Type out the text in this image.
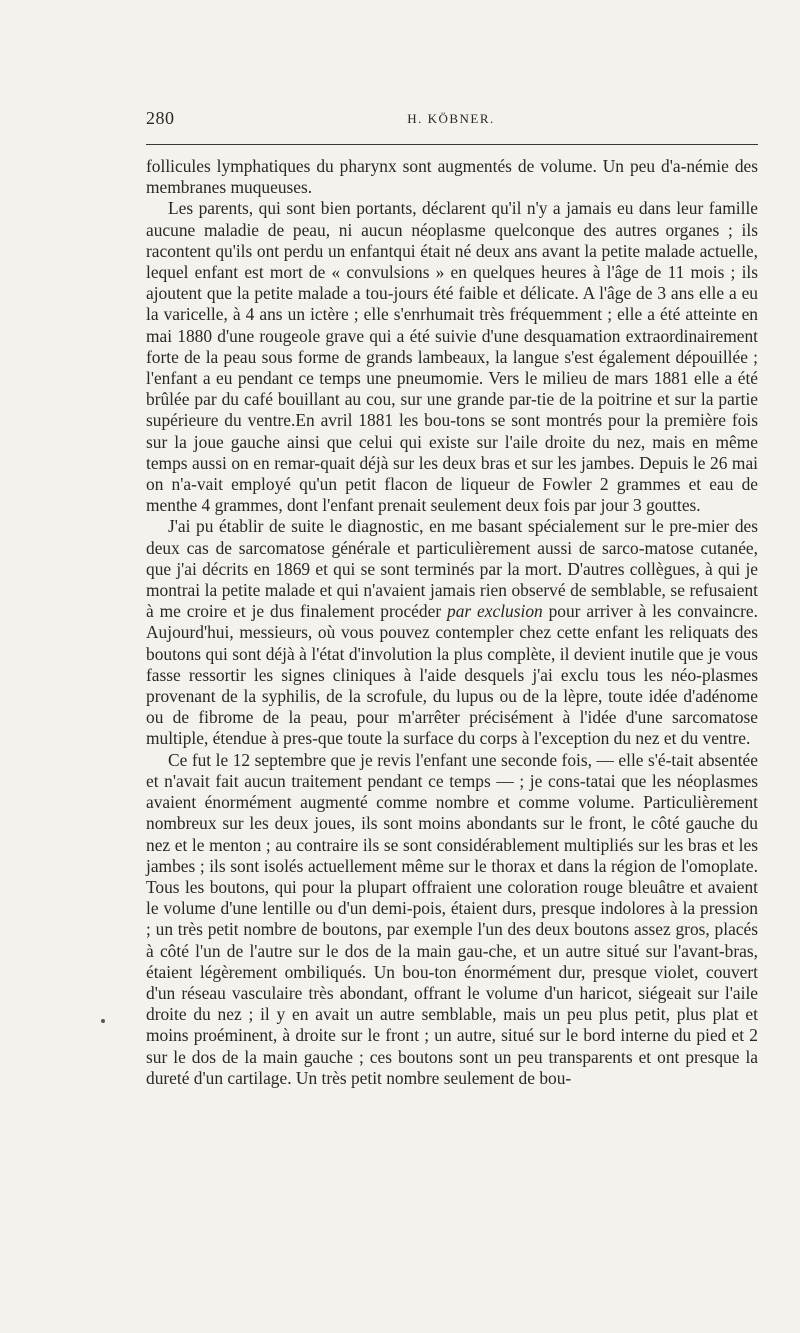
280	H. KÖBNER.

follicules lymphatiques du pharynx sont augmentés de volume. Un peu d'a-némie des membranes muqueuses.

Les parents, qui sont bien portants, déclarent qu'il n'y a jamais eu dans leur famille aucune maladie de peau, ni aucun néoplasme quelconque des autres organes ; ils racontent qu'ils ont perdu un enfantqui était né deux ans avant la petite malade actuelle, lequel enfant est mort de « convulsions » en quelques heures à l'âge de 11 mois ; ils ajoutent que la petite malade a tou-jours été faible et délicate. A l'âge de 3 ans elle a eu la varicelle, à 4 ans un ictère ; elle s'enrhumait très fréquemment ; elle a été atteinte en mai 1880 d'une rougeole grave qui a été suivie d'une desquamation extraordinairement forte de la peau sous forme de grands lambeaux, la langue s'est également dépouillée ; l'enfant a eu pendant ce temps une pneumomie. Vers le milieu de mars 1881 elle a été brûlée par du café bouillant au cou, sur une grande par-tie de la poitrine et sur la partie supérieure du ventre.En avril 1881 les bou-tons se sont montrés pour la première fois sur la joue gauche ainsi que celui qui existe sur l'aile droite du nez, mais en même temps aussi on en remar-quait déjà sur les deux bras et sur les jambes. Depuis le 26 mai on n'a-vait employé qu'un petit flacon de liqueur de Fowler 2 grammes et eau de menthe 4 grammes, dont l'enfant prenait seulement deux fois par jour 3 gouttes.

J'ai pu établir de suite le diagnostic, en me basant spécialement sur le pre-mier des deux cas de sarcomatose générale et particulièrement aussi de sarco-matose cutanée, que j'ai décrits en 1869 et qui se sont terminés par la mort. D'autres collègues, à qui je montrai la petite malade et qui n'avaient jamais rien observé de semblable, se refusaient à me croire et je dus finalement procéder par exclusion pour arriver à les convaincre. Aujourd'hui, messieurs, où vous pouvez contempler chez cette enfant les reliquats des boutons qui sont déjà à l'état d'involution la plus complète, il devient inutile que je vous fasse ressortir les signes cliniques à l'aide desquels j'ai exclu tous les néo-plasmes provenant de la syphilis, de la scrofule, du lupus ou de la lèpre, toute idée d'adénome ou de fibrome de la peau, pour m'arrêter précisément à l'idée d'une sarcomatose multiple, étendue à pres-que toute la surface du corps à l'exception du nez et du ventre.

Ce fut le 12 septembre que je revis l'enfant une seconde fois, — elle s'é-tait absentée et n'avait fait aucun traitement pendant ce temps — ; je cons-tatai que les néoplasmes avaient énormément augmenté comme nombre et comme volume. Particulièrement nombreux sur les deux joues, ils sont moins abondants sur le front, le côté gauche du nez et le menton ; au contraire ils se sont considérablement multipliés sur les bras et les jambes ; ils sont isolés actuellement même sur le thorax et dans la région de l'omoplate. Tous les boutons, qui pour la plupart offraient une coloration rouge bleuâtre et avaient le volume d'une lentille ou d'un demi-pois, étaient durs, presque indolores à la pression ; un très petit nombre de boutons, par exemple l'un des deux boutons assez gros, placés à côté l'un de l'autre sur le dos de la main gau-che, et un autre situé sur l'avant-bras, étaient légèrement ombiliqués. Un bou-ton énormément dur, presque violet, couvert d'un réseau vasculaire très abondant, offrant le volume d'un haricot, siégeait sur l'aile droite du nez ; il y en avait un autre semblable, mais un peu plus petit, plus plat et moins proéminent, à droite sur le front ; un autre, situé sur le bord interne du pied et 2 sur le dos de la main gauche ; ces boutons sont un peu transparents et ont presque la dureté d'un cartilage. Un très petit nombre seulement de bou-
